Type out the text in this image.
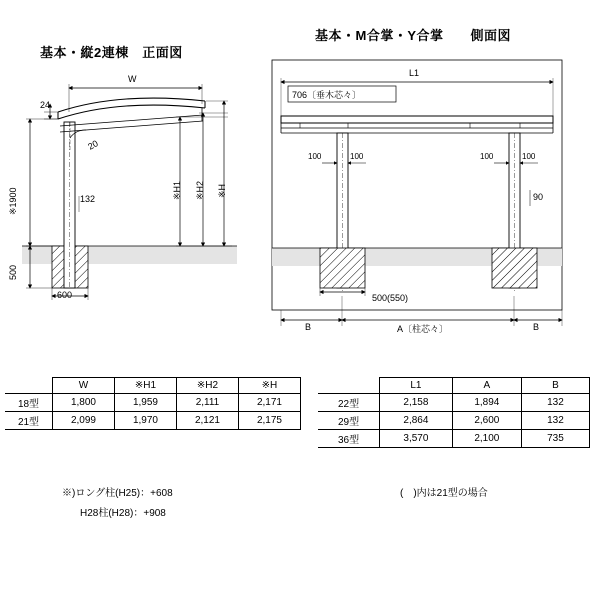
基本・縦2連棟　正面図
基本・M合掌・Y合掌　　側面図
W
24
20
※1900
500
132
600
※H1 ※H2 ※H
L1
706〔垂木芯々〕
100	100	100	100
90
500(550)
B	A〔柱芯々〕	B
	W	※H1	※H2	※H
18型	1,800	1,959	2,111	2,171
21型	2,099	1,970	2,121	2,175
	L1	A	B
22型	2,158	1,894	132
29型	2,864	2,600	132
36型	3,570	2,100	735
※)ロング柱(H25)：+608
H28柱(H28)：+908
(　)内は21型の場合
